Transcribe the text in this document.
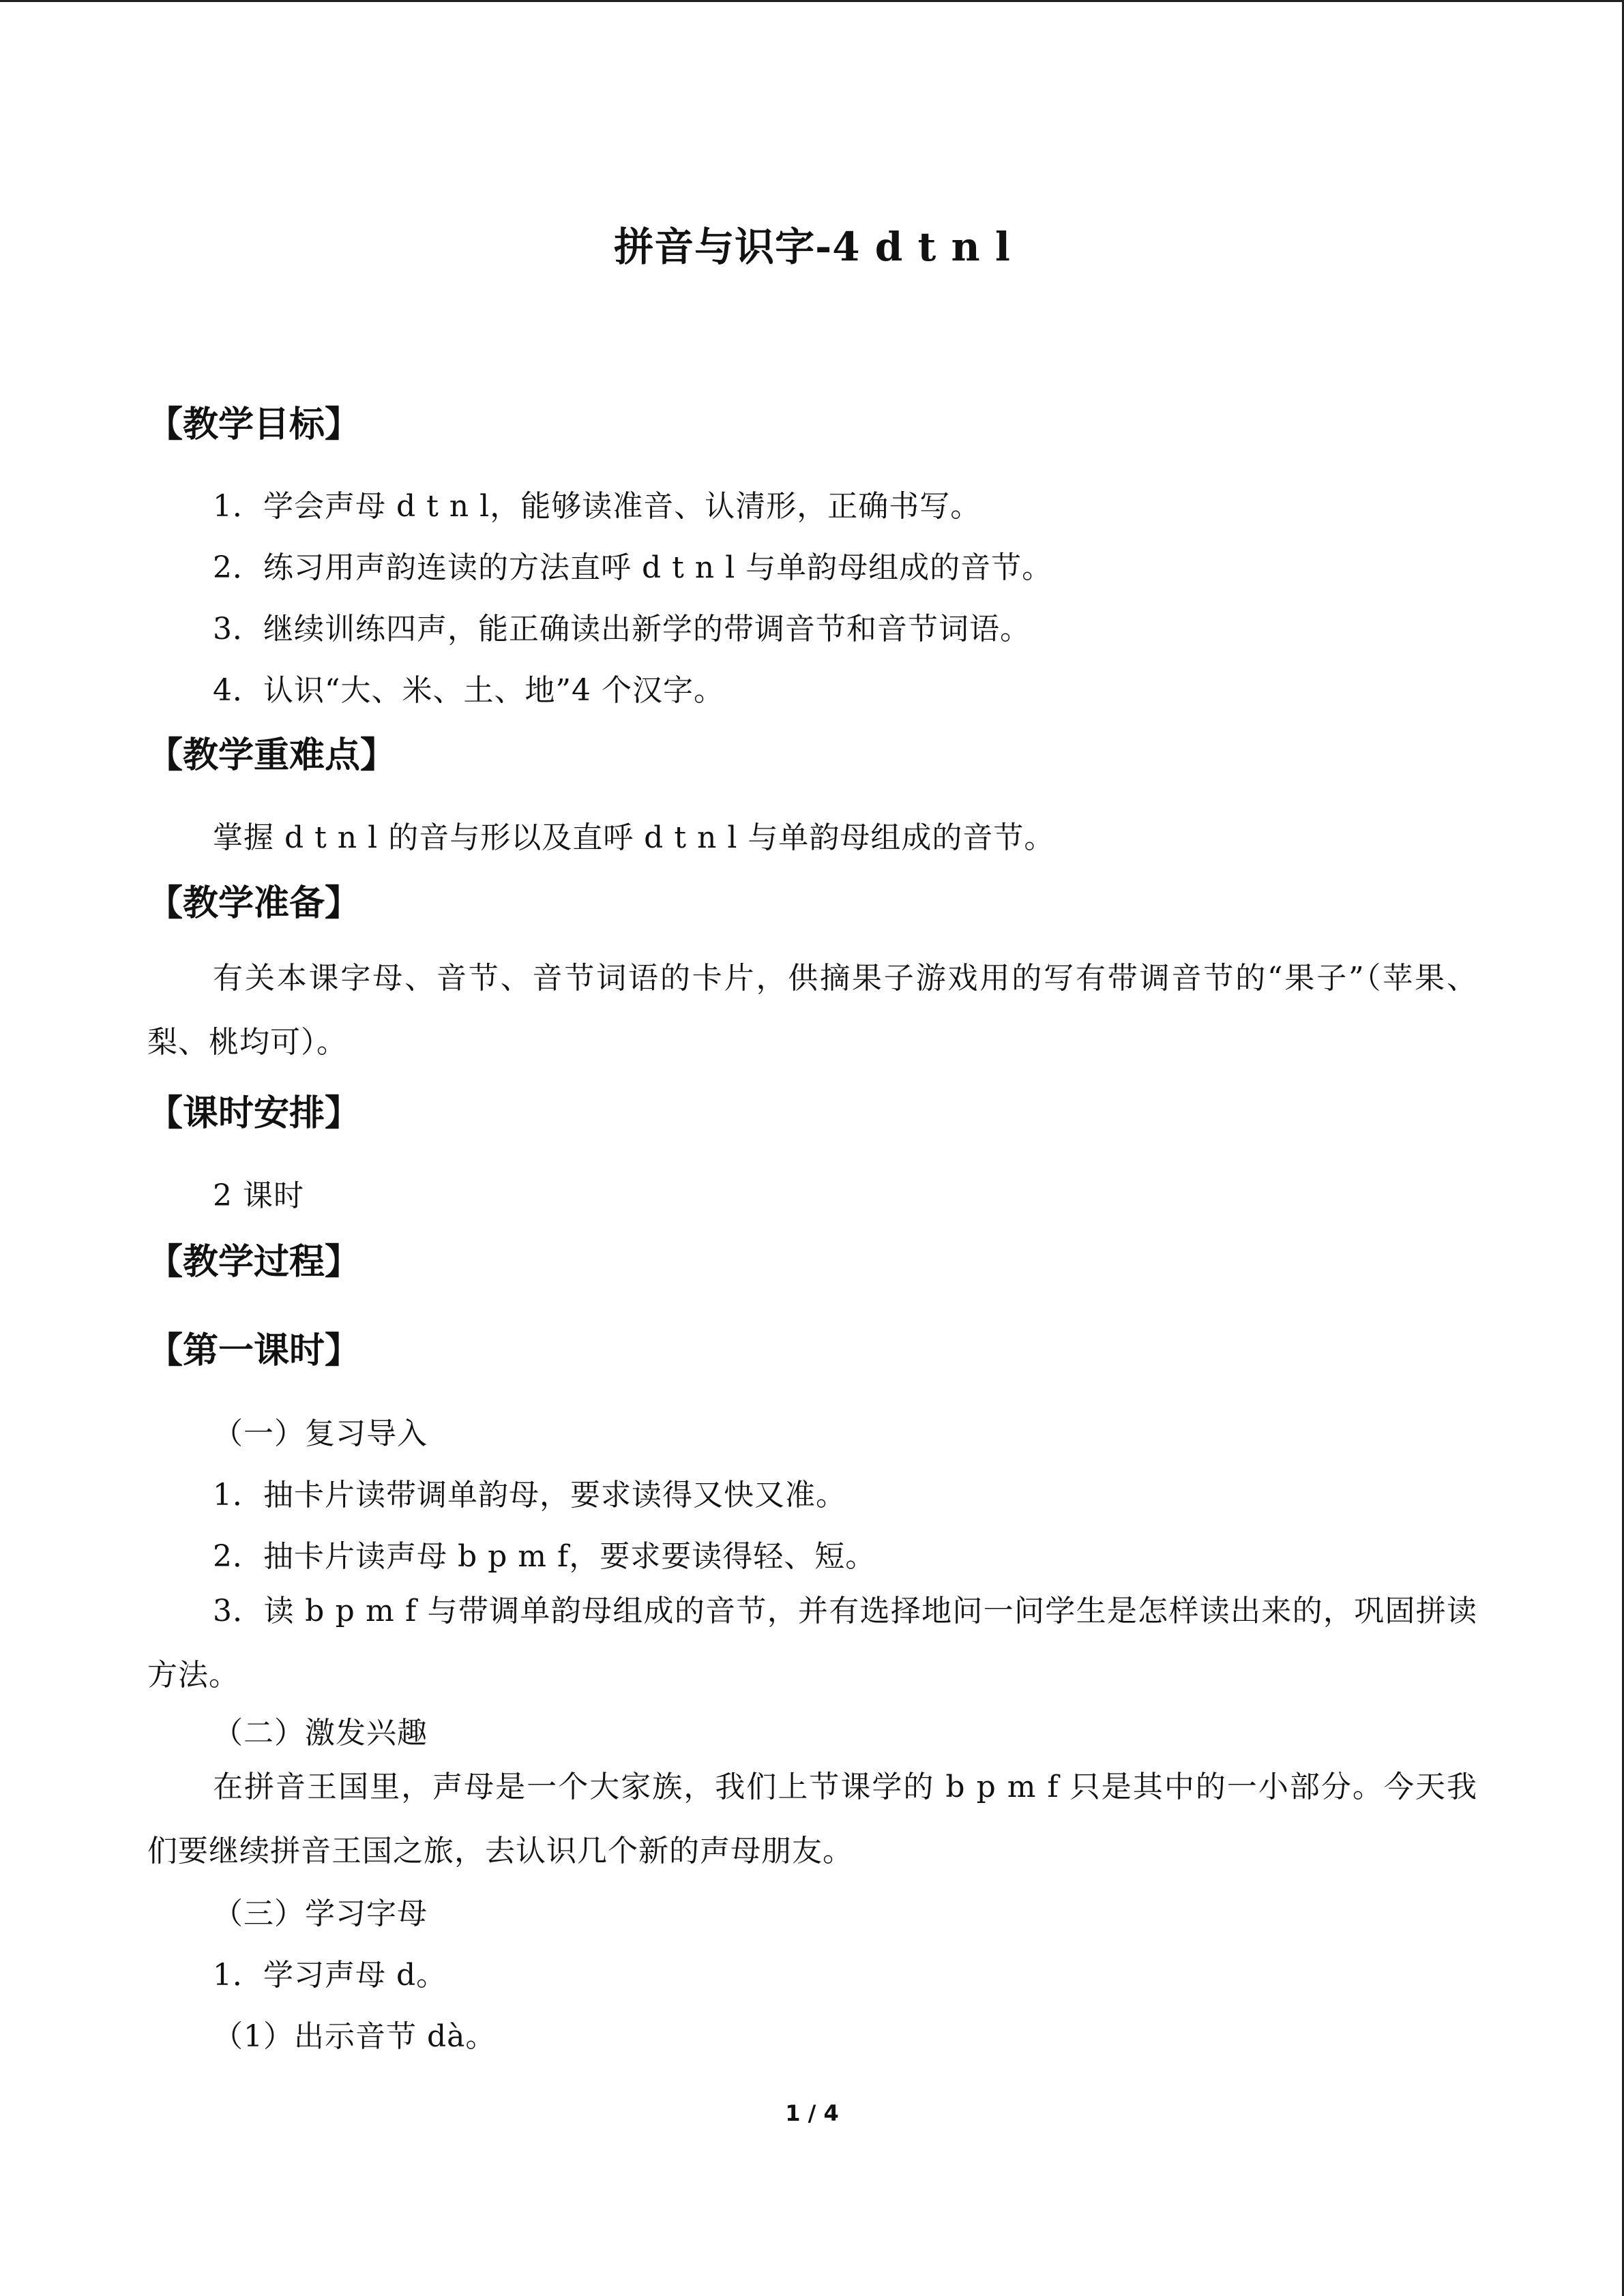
拼音与识字-4 d t n l
【教学目标】
1．学会声母 d t n l，能够读准音、认清形，正确书写。
2．练习用声韵连读的方法直呼 d t n l 与单韵母组成的音节。
3．继续训练四声，能正确读出新学的带调音节和音节词语。
4．认识“大、米、土、地”4 个汉字。
【教学重难点】
掌握 d t n l 的音与形以及直呼 d t n l 与单韵母组成的音节。
【教学准备】
有关本课字母、音节、音节词语的卡片，供摘果子游戏用的写有带调音节的“果子”（苹果、梨、桃均可）。
【课时安排】
2 课时
【教学过程】
【第一课时】
（一）复习导入
1．抽卡片读带调单韵母，要求读得又快又准。
2．抽卡片读声母 b p m f，要求要读得轻、短。
3．读 b p m f 与带调单韵母组成的音节，并有选择地问一问学生是怎样读出来的，巩固拼读方法。
（二）激发兴趣
在拼音王国里，声母是一个大家族，我们上节课学的 b p m f 只是其中的一小部分。今天我们要继续拼音王国之旅，去认识几个新的声母朋友。
（三）学习字母
1．学习声母 d。
（1）出示音节 dà。
1 / 4
